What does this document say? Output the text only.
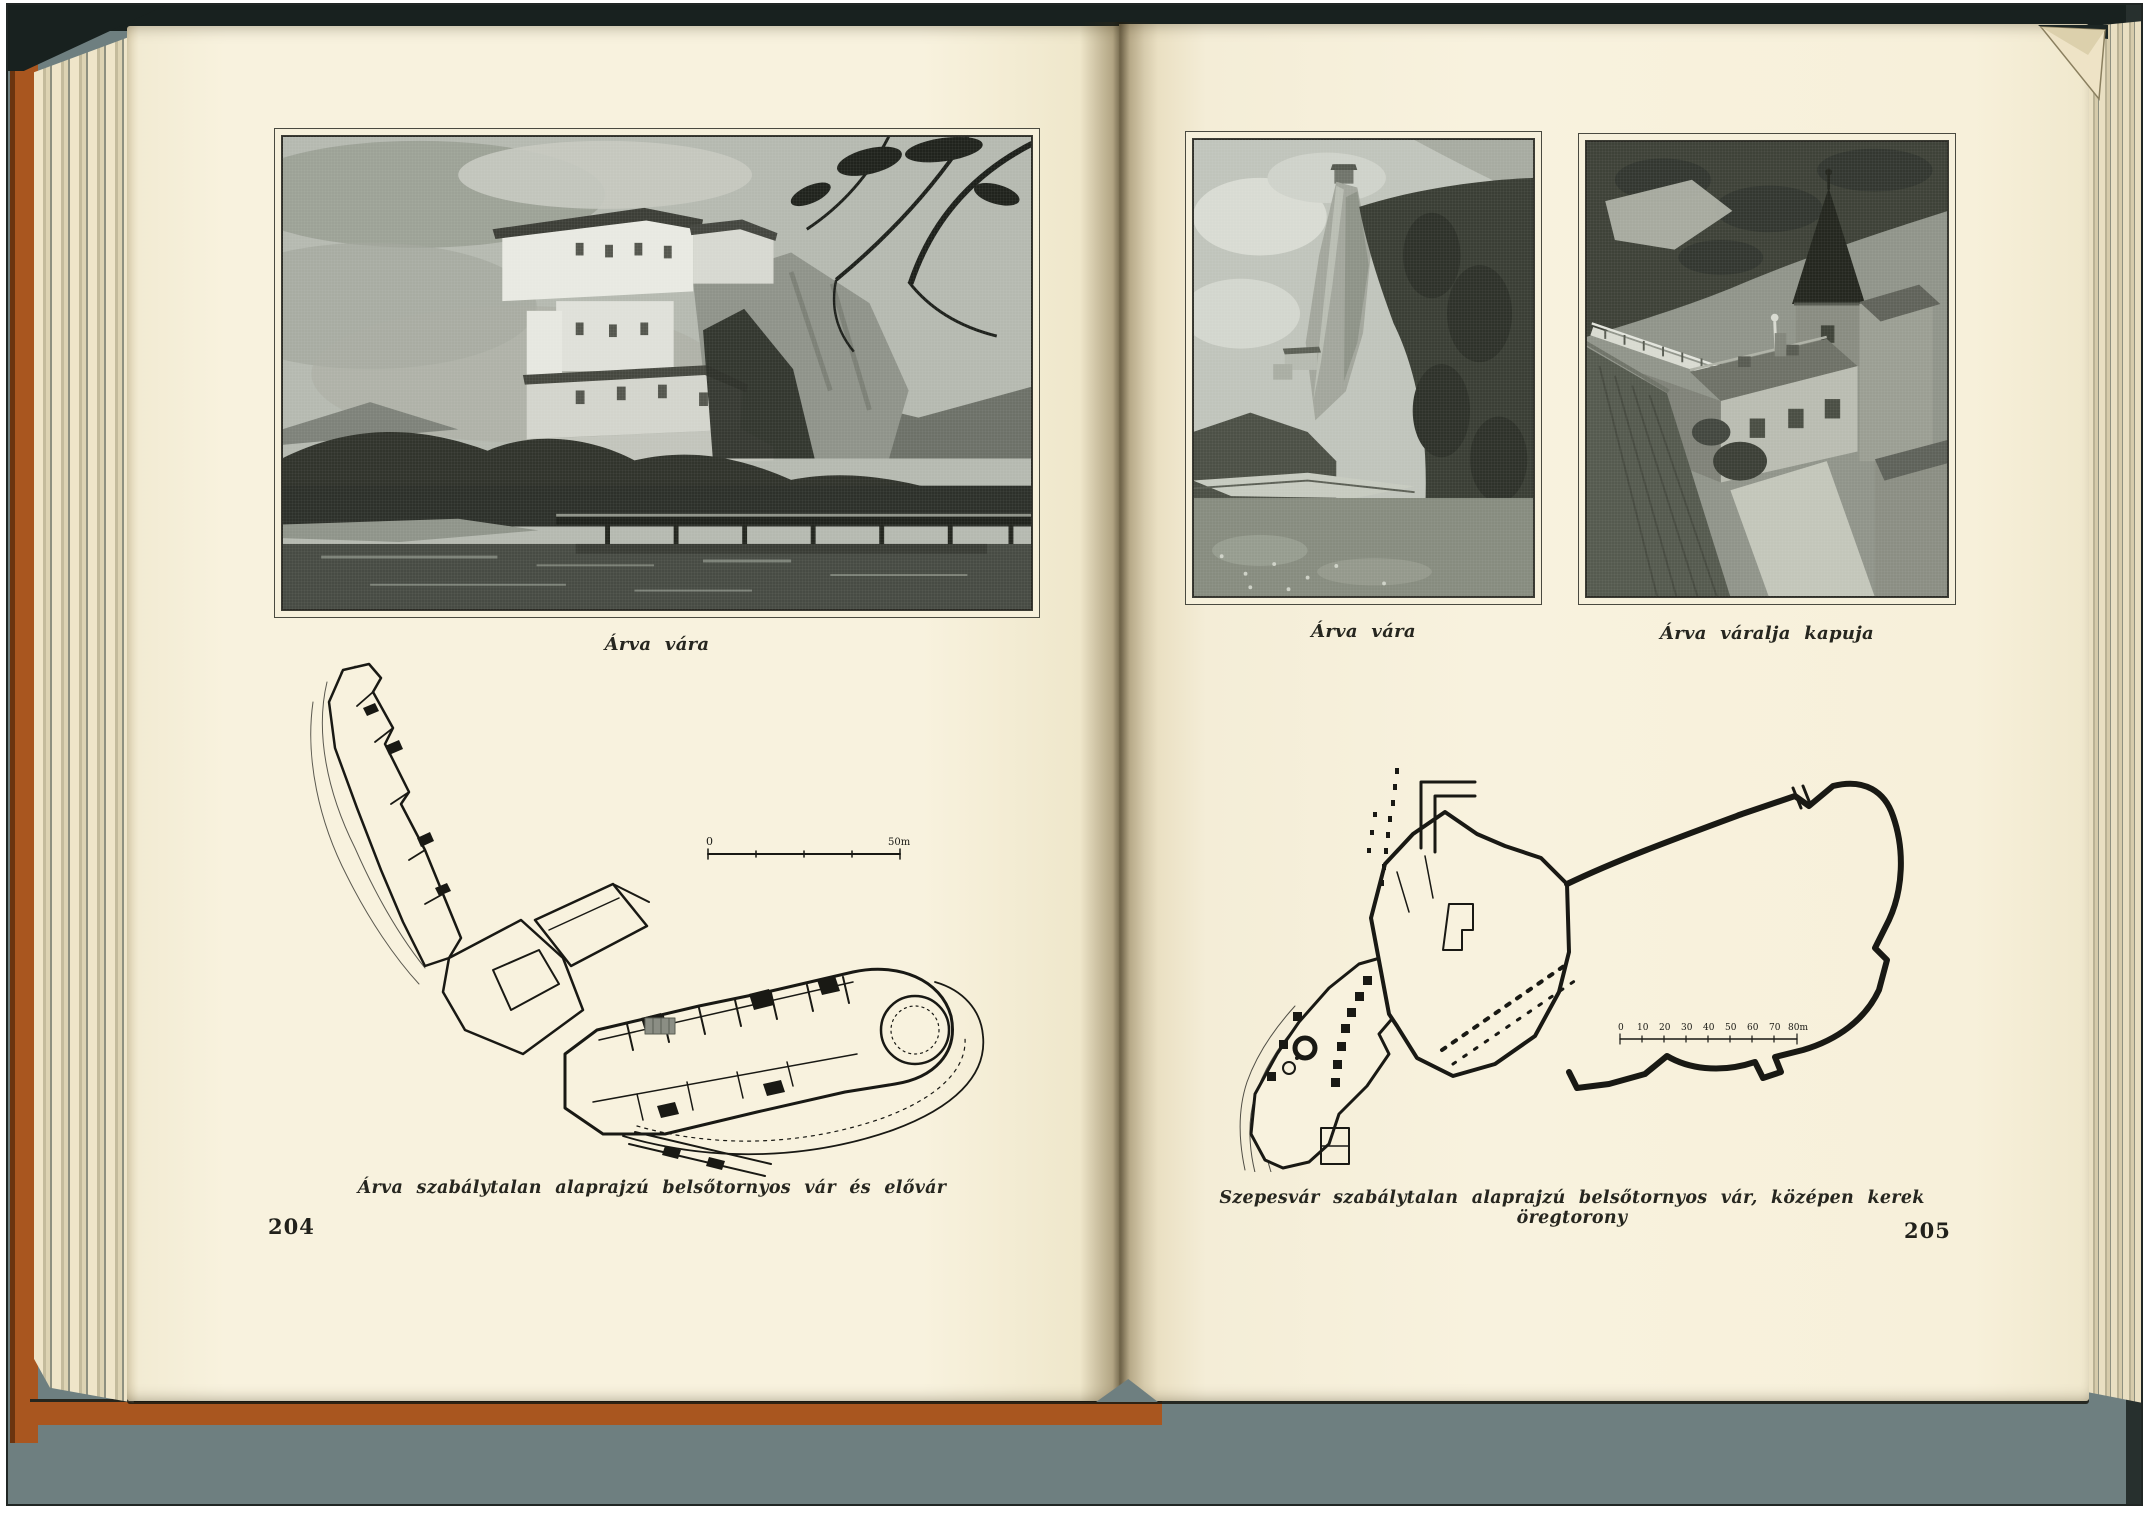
Árva vára
0	50m
Árva szabálytalan alaprajzú belsőtornyos vár és elővár
204
Árva vára	Árva váralja kapuja
0 10 20 30 40 50 60 70 80m
Szepesvár szabálytalan alaprajzú belsőtornyos vár, középen kerek öregtorony	205
